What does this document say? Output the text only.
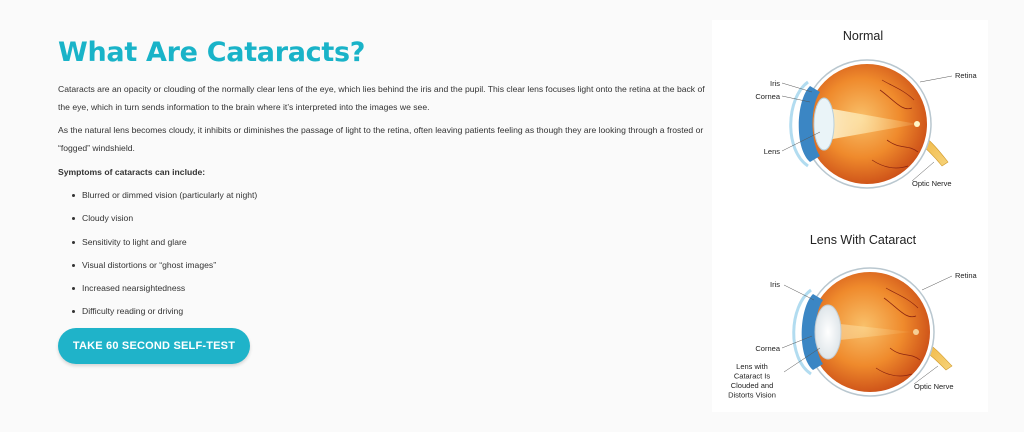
What Are Cataracts?

Cataracts are an opacity or clouding of the normally clear lens of the eye, which lies behind the iris and the pupil. This clear lens focuses light onto the retina at the back of the eye, which in turn sends information to the brain where it’s interpreted into the images we see.

As the natural lens becomes cloudy, it inhibits or diminishes the passage of light to the retina, often leaving patients feeling as though they are looking through a frosted or “fogged” windshield.

Symptoms of cataracts can include:

Blurred or dimmed vision (particularly at night)
Cloudy vision
Sensitivity to light and glare
Visual distortions or “ghost images”
Increased nearsightedness
Difficulty reading or driving
TAKE 60 SECOND SELF-TEST
Normal
Iris
Cornea
Lens
Retina
Optic Nerve
Lens With Cataract
Iris
Cornea
Lens with
Cataract Is
Clouded and
Distorts Vision
Retina
Optic Nerve
